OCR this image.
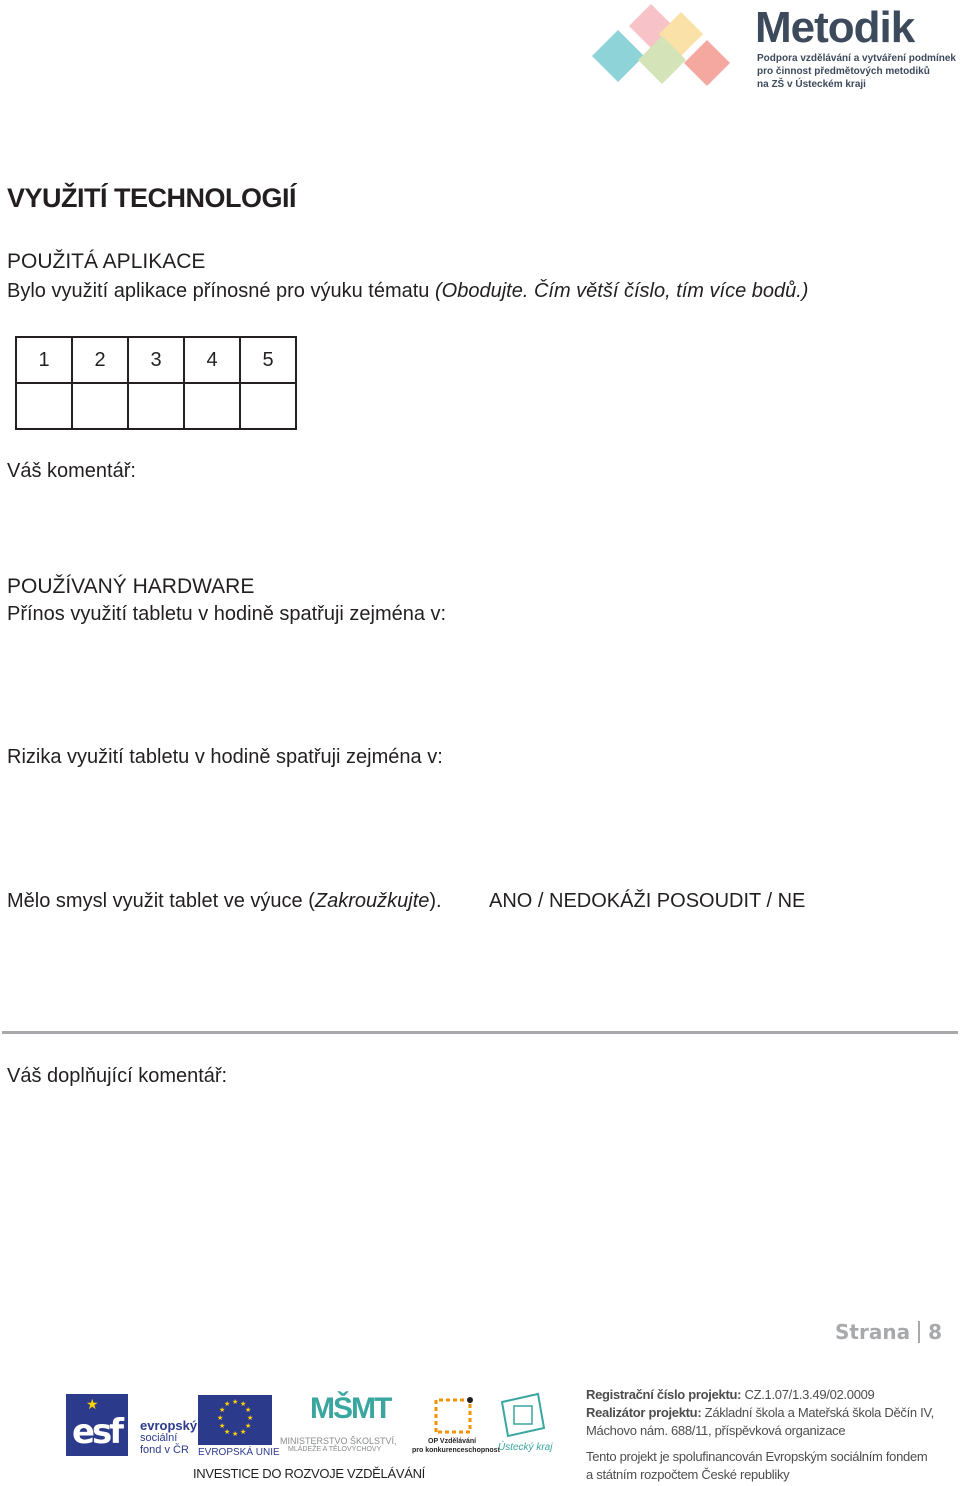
Metodik
Podpora vzdělávání a vytváření podmínek
pro činnost předmětových metodiků
na ZŠ v Ústeckém kraji
VYUŽITÍ TECHNOLOGIÍ
POUŽITÁ APLIKACE
Bylo využití aplikace přínosné pro výuku tématu (Obodujte. Čím větší číslo, tím více bodů.)
1	2	3	4	5

Váš komentář:
POUŽÍVANÝ HARDWARE
Přínos využití tabletu v hodině spatřuji zejména v:
Rizika využití tabletu v hodině spatřuji zejména v:
Mělo smysl využit tablet ve výuce (Zakroužkujte). ANO / NEDOKÁŽI POSOUDIT / NE
Váš doplňující komentář:
Strana 8
esf
★
evropský
sociální
fond v ČR
★ ★
★
★
★
★
★
★
★
★
★
★
EVROPSKÁ UNIE
MŠMT
MINISTERSTVO ŠKOLSTVÍ,
MLÁDEŽE A TĚLOVÝCHOVY
OP Vzdělávání
pro konkurenceschopnost
Ústecký kraj
INVESTICE DO ROZVOJE VZDĚLÁVÁNÍ
Registrační číslo projektu: CZ.1.07/1.3.49/02.0009
Realizátor projektu: Základní škola a Mateřská škola Děčín IV,
Máchovo nám. 688/11, příspěvková organizace
Tento projekt je spolufinancován Evropským sociálním fondem
a státním rozpočtem České republiky
